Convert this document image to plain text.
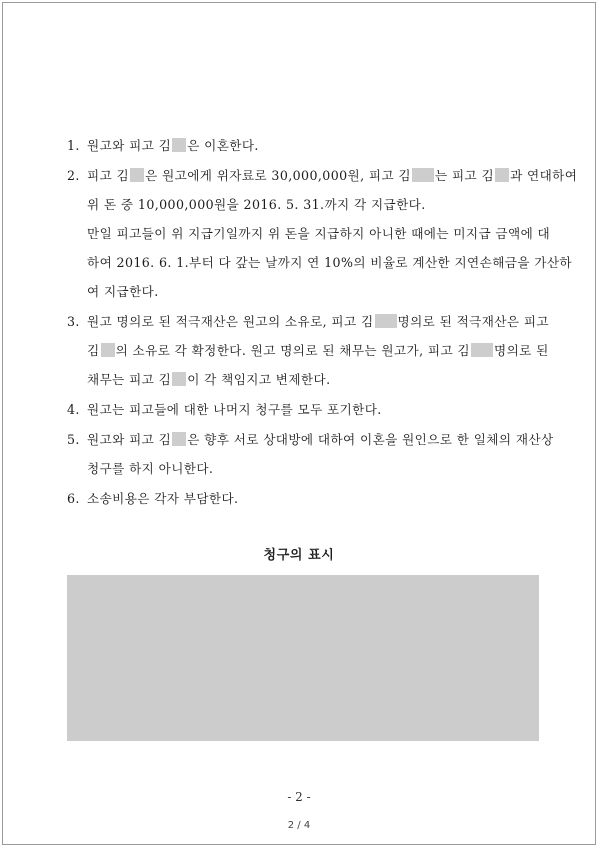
1. 원고와 피고 김 은 이혼한다.
2. 피고 김 은 원고에게 위자료로 30,000,000원, 피고 김 는 피고 김 과 연대하여
위 돈 중 10,000,000원을 2016. 5. 31.까지 각 지급한다.
만일 피고들이 위 지급기일까지 위 돈을 지급하지 아니한 때에는 미지급 금액에 대
하여 2016. 6. 1.부터 다 갚는 날까지 연 10%의 비율로 계산한 지연손해금을 가산하
여 지급한다.
3. 원고 명의로 된 적극재산은 원고의 소유로, 피고 김 명의로 된 적극재산은 피고
김 의 소유로 각 확정한다. 원고 명의로 된 채무는 원고가, 피고 김 명의로 된
채무는 피고 김 이 각 책임지고 변제한다.
4. 원고는 피고들에 대한 나머지 청구를 모두 포기한다.
5. 원고와 피고 김 은 향후 서로 상대방에 대하여 이혼을 원인으로 한 일체의 재산상
청구를 하지 아니한다.
6. 소송비용은 각자 부담한다.
청구의 표시
- 2 -
2 / 4
